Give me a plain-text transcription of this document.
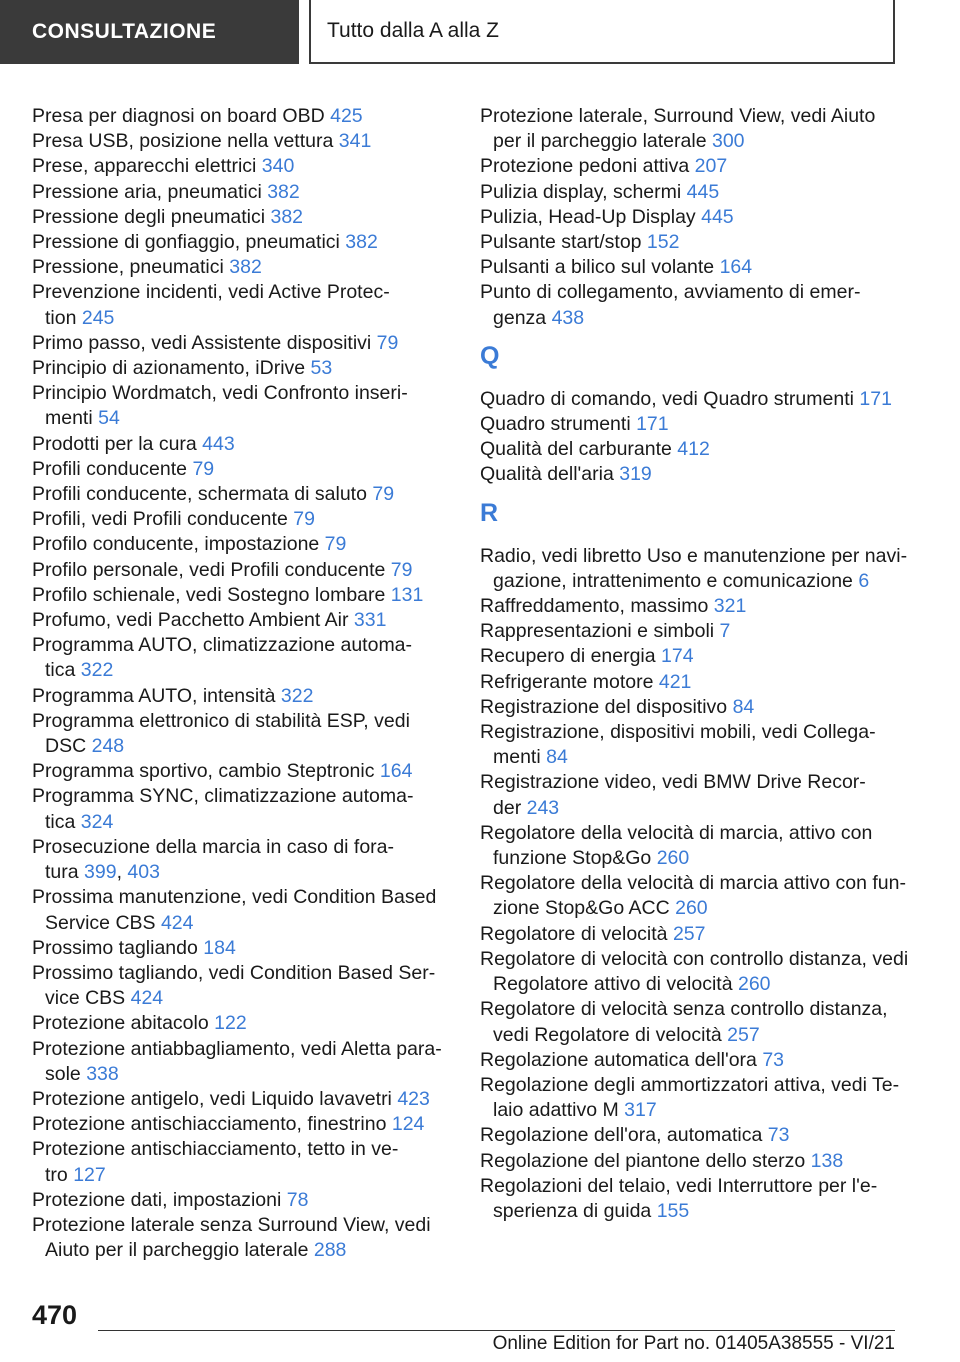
CONSULTAZIONE	Tutto dalla A alla Z
Presa per diagnosi on board OBD 425
Presa USB, posizione nella vettura 341
Prese, apparecchi elettrici 340
Pressione aria, pneumatici 382
Pressione degli pneumatici 382
Pressione di gonfiaggio, pneumatici 382
Pressione, pneumatici 382
Prevenzione incidenti, vedi Active Protec-
tion 245
Primo passo, vedi Assistente dispositivi 79
Principio di azionamento, iDrive 53
Principio Wordmatch, vedi Confronto inseri-
menti 54
Prodotti per la cura 443
Profili conducente 79
Profili conducente, schermata di saluto 79
Profili, vedi Profili conducente 79
Profilo conducente, impostazione 79
Profilo personale, vedi Profili conducente 79
Profilo schienale, vedi Sostegno lombare 131
Profumo, vedi Pacchetto Ambient Air 331
Programma AUTO, climatizzazione automa-
tica 322
Programma AUTO, intensità 322
Programma elettronico di stabilità ESP, vedi
DSC 248
Programma sportivo, cambio Steptronic 164
Programma SYNC, climatizzazione automa-
tica 324
Prosecuzione della marcia in caso di fora-
tura 399, 403
Prossima manutenzione, vedi Condition Based
Service CBS 424
Prossimo tagliando 184
Prossimo tagliando, vedi Condition Based Ser-
vice CBS 424
Protezione abitacolo 122
Protezione antiabbagliamento, vedi Aletta para-
sole 338
Protezione antigelo, vedi Liquido lavavetri 423
Protezione antischiacciamento, finestrino 124
Protezione antischiacciamento, tetto in ve-
tro 127
Protezione dati, impostazioni 78
Protezione laterale senza Surround View, vedi
Aiuto per il parcheggio laterale 288
Protezione laterale, Surround View, vedi Aiuto
per il parcheggio laterale 300
Protezione pedoni attiva 207
Pulizia display, schermi 445
Pulizia, Head-Up Display 445
Pulsante start/stop 152
Pulsanti a bilico sul volante 164
Punto di collegamento, avviamento di emer-
genza 438
Q
Quadro di comando, vedi Quadro strumenti 171
Quadro strumenti 171
Qualità del carburante 412
Qualità dell'aria 319
R
Radio, vedi libretto Uso e manutenzione per navi-
gazione, intrattenimento e comunicazione 6
Raffreddamento, massimo 321
Rappresentazioni e simboli 7
Recupero di energia 174
Refrigerante motore 421
Registrazione del dispositivo 84
Registrazione, dispositivi mobili, vedi Collega-
menti 84
Registrazione video, vedi BMW Drive Recor-
der 243
Regolatore della velocità di marcia, attivo con
funzione Stop&Go 260
Regolatore della velocità di marcia attivo con fun-
zione Stop&Go ACC 260
Regolatore di velocità 257
Regolatore di velocità con controllo distanza, vedi
Regolatore attivo di velocità 260
Regolatore di velocità senza controllo distanza,
vedi Regolatore di velocità 257
Regolazione automatica dell'ora 73
Regolazione degli ammortizzatori attiva, vedi Te-
laio adattivo M 317
Regolazione dell'ora, automatica 73
Regolazione del piantone dello sterzo 138
Regolazioni del telaio, vedi Interruttore per l'e-
sperienza di guida 155
470
Online Edition for Part no. 01405A38555 - VI/21
